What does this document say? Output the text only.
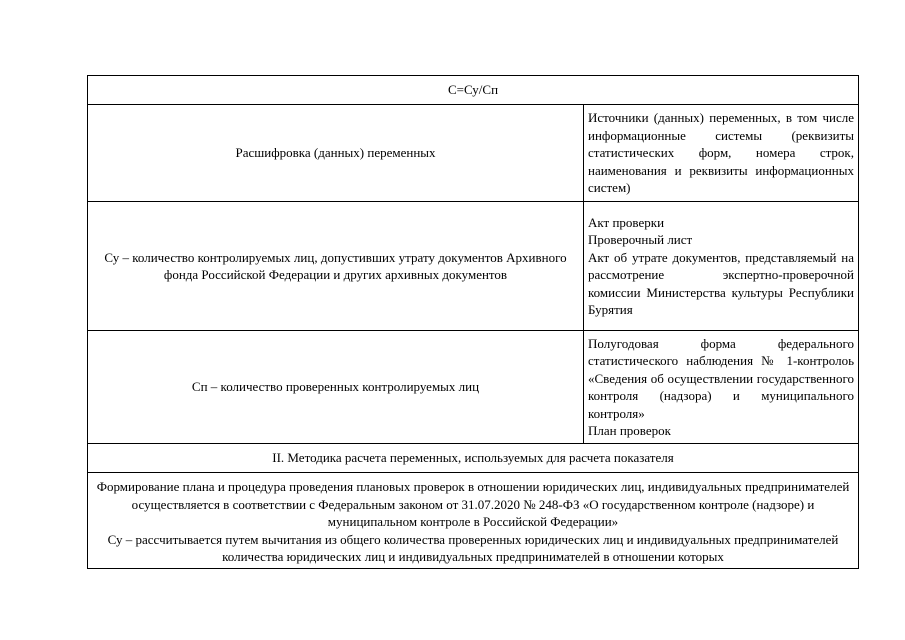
С=Су/Сп	
Расшифровка (данных) переменных	Источники (данных) переменных, в том числе информационные системы (реквизиты статистических форм, номера строк, наименования и реквизиты информационных систем)
Су – количество контролируемых лиц, допустивших утрату документов Архивного фонда Российской Федерации и других архивных документов	Акт проверки
Проверочный лист
Акт об утрате документов, представляемый на рассмотрение экспертно-проверочной комиссии Министерства культуры Республики Бурятия

Сп – количество проверенных контролируемых лиц	Полугодовая форма федерального статистического наблюдения № 1-контролоь «Сведения об осуществлении государственного контроля (надзора) и муниципального контроля»
План проверок

II. Методика расчета переменных, используемых для расчета показателя	

Формирование плана и процедура проведения плановых проверок в отношении юридических лиц, индивидуальных предпринимателей осуществляется в соответствии с Федеральным законом от 31.07.2020 № 248-ФЗ «О государственном контроле (надзоре) и муниципальном контроле в Российской Федерации»
Су – рассчитывается путем вычитания из общего количества проверенных юридических лиц и индивидуальных предпринимателей количества юридических лиц и индивидуальных предпринимателей в отношении которых	
